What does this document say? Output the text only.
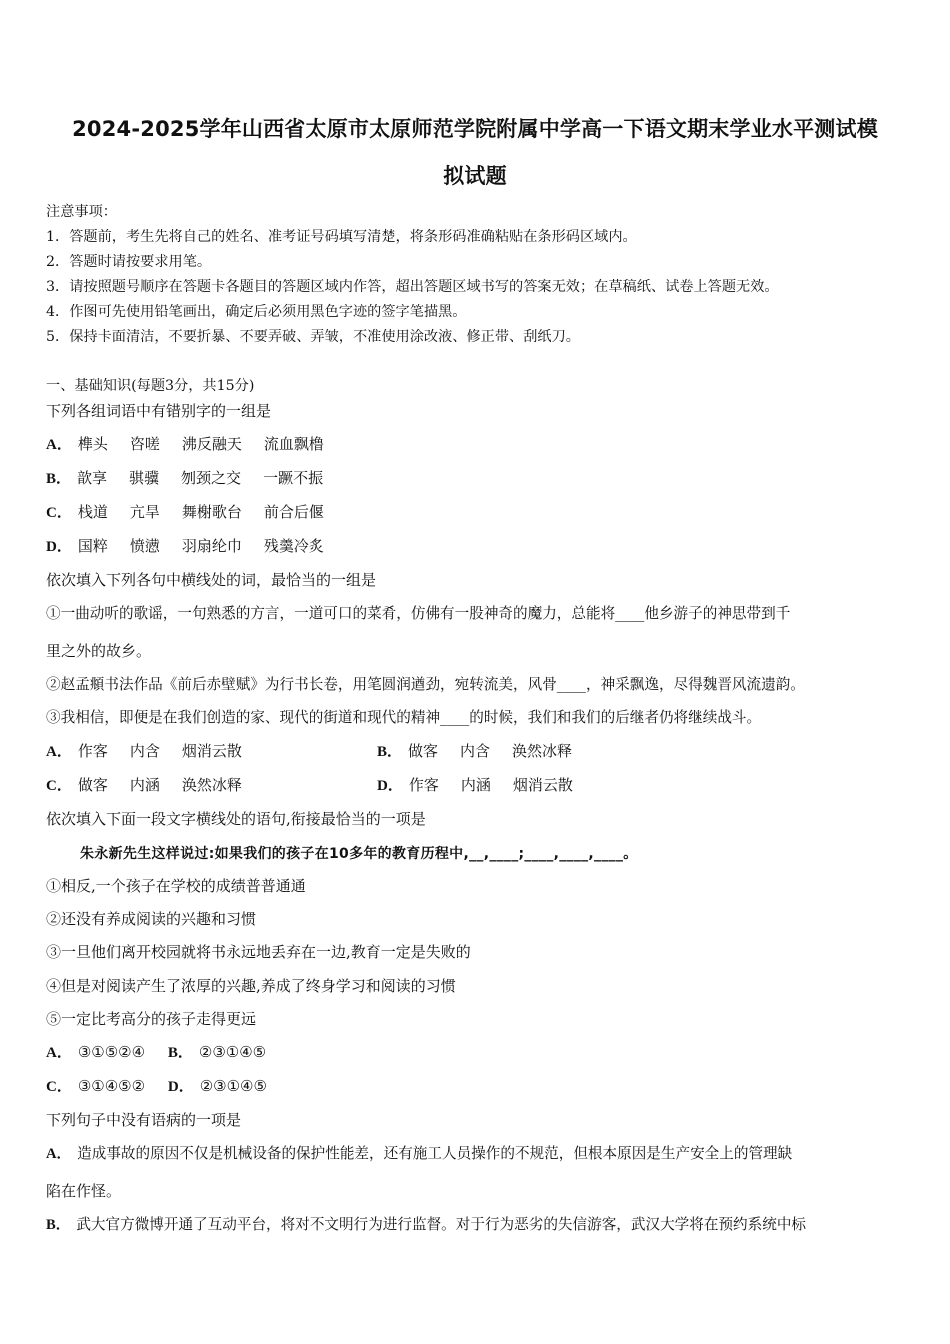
2024-2025学年山西省太原市太原师范学院附属中学高一下语文期末学业水平测试模
拟试题
注意事项：
1．答题前，考生先将自己的姓名、准考证号码填写清楚，将条形码准确粘贴在条形码区域内。
2．答题时请按要求用笔。
3．请按照题号顺序在答题卡各题目的答题区域内作答，超出答题区域书写的答案无效；在草稿纸、试卷上答题无效。
4．作图可先使用铅笔画出，确定后必须用黑色字迹的签字笔描黑。
5．保持卡面清洁，不要折暴、不要弄破、弄皱，不准使用涂改液、修正带、刮纸刀。
一、基础知识(每题3分，共15分)
下列各组词语中有错别字的一组是
A． 榫头 咨嗟 沸反融天 流血飘橹
B． 歆享 骐骥 刎颈之交 一蹶不振
C． 栈道 亢旱 舞榭歌台 前合后偃
D． 国粹 愤懑 羽扇纶巾 残羹冷炙
依次填入下列各句中横线处的词，最恰当的一组是
①一曲动听的歌谣，一句熟悉的方言，一道可口的菜肴，仿佛有一股神奇的魔力，总能将____他乡游子的神思带到千
里之外的故乡。
②赵孟頫书法作品《前后赤壁赋》为行书长卷，用笔圆润遒劲，宛转流美，风骨____，神采飘逸，尽得魏晋风流遗韵。
③我相信，即便是在我们创造的家、现代的街道和现代的精神____的时候，我们和我们的后继者仍将继续战斗。
A． 作客 内含 烟消云散	B． 做客 内含 涣然冰释
C． 做客 内涵 涣然冰释	D． 作客 内涵 烟消云散
依次填入下面一段文字横线处的语句,衔接最恰当的一项是
朱永新先生这样说过:如果我们的孩子在10多年的教育历程中,__,____;____,____,____。
①相反,一个孩子在学校的成绩普普通通
②还没有养成阅读的兴趣和习惯
③一旦他们离开校园就将书永远地丢弃在一边,教育一定是失败的
④但是对阅读产生了浓厚的兴趣,养成了终身学习和阅读的习惯
⑤一定比考高分的孩子走得更远
A． ③①⑤②④ B． ②③①④⑤
C． ③①④⑤② D． ②③①④⑤
下列句子中没有语病的一项是
A． 造成事故的原因不仅是机械设备的保护性能差，还有施工人员操作的不规范，但根本原因是生产安全上的管理缺
陷在作怪。
B． 武大官方微博开通了互动平台，将对不文明行为进行监督。对于行为恶劣的失信游客，武汉大学将在预约系统中标
